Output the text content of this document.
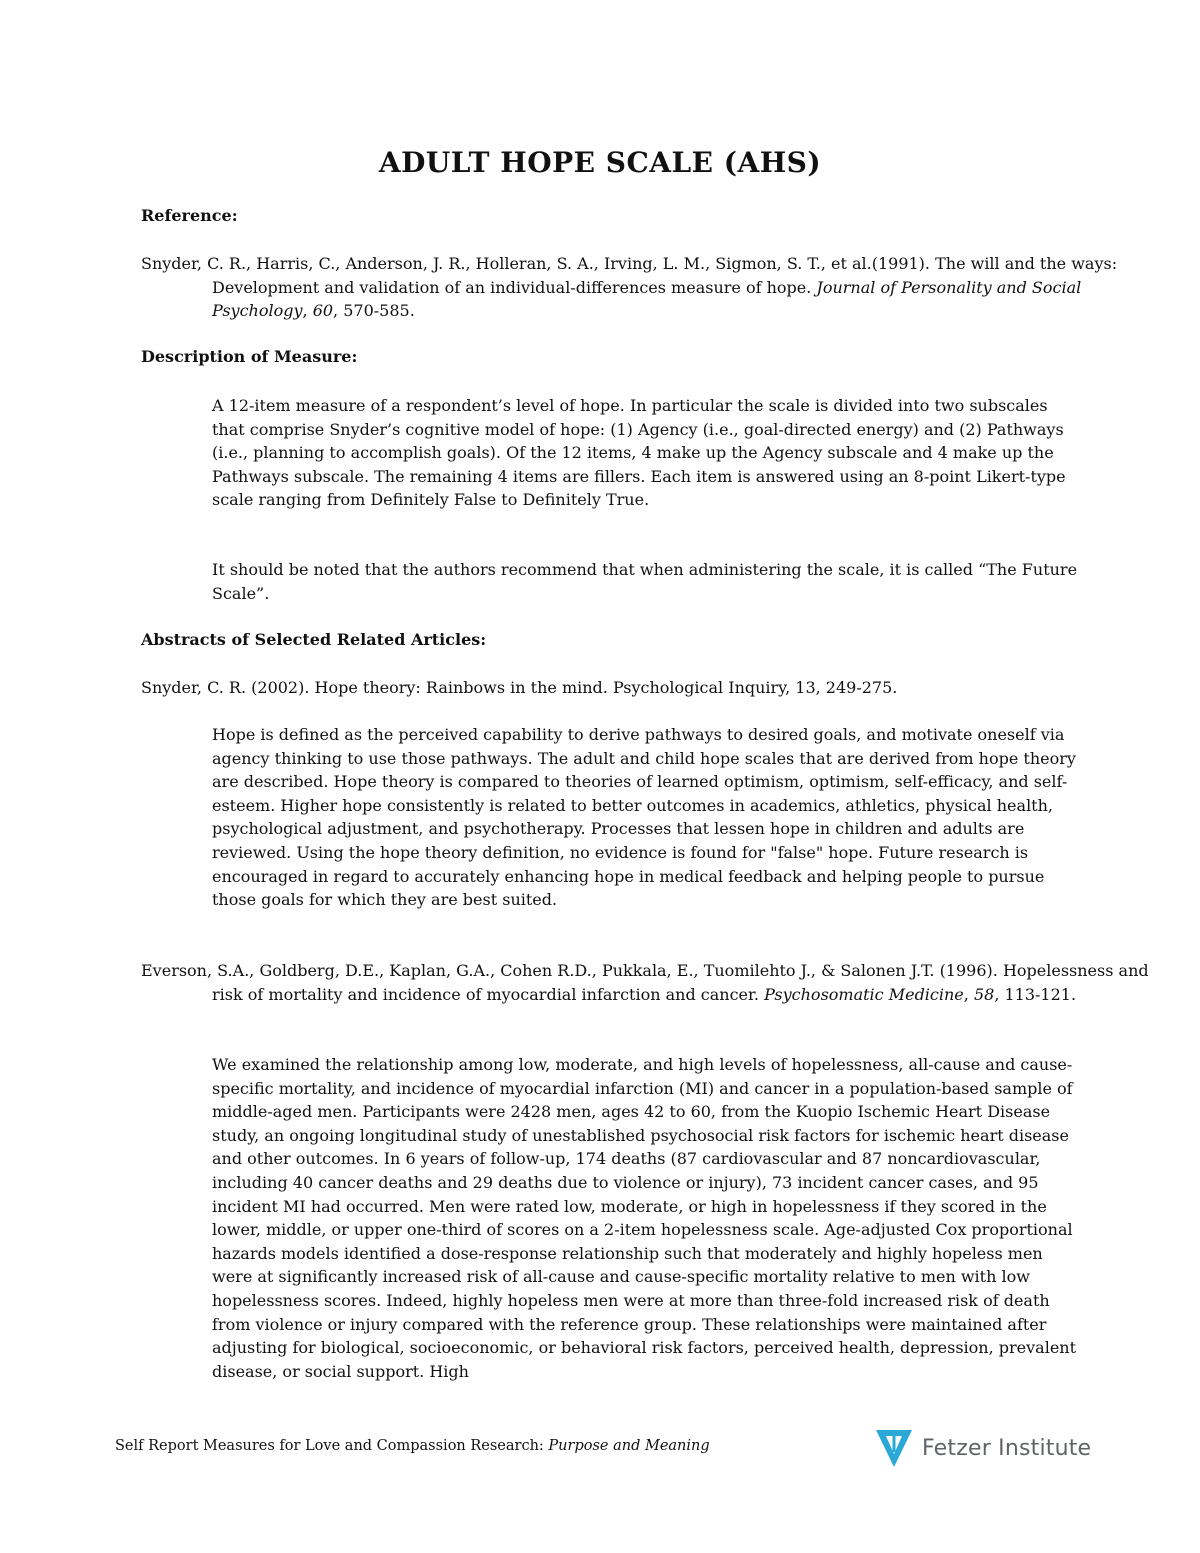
ADULT HOPE SCALE (AHS)
Reference:
Snyder, C. R., Harris, C., Anderson, J. R., Holleran, S. A., Irving, L. M., Sigmon, S. T., et al.(1991). The will and the ways: Development and validation of an individual-differences measure of hope. Journal of Personality and Social Psychology, 60, 570-585.
Description of Measure:
A 12-item measure of a respondent’s level of hope. In particular the scale is divided into two subscales that comprise Snyder’s cognitive model of hope: (1) Agency (i.e., goal-directed energy) and (2) Pathways (i.e., planning to accomplish goals). Of the 12 items, 4 make up the Agency subscale and 4 make up the Pathways subscale. The remaining 4 items are fillers. Each item is answered using an 8-point Likert-type scale ranging from Definitely False to Definitely True.
It should be noted that the authors recommend that when administering the scale, it is called “The Future Scale”.
Abstracts of Selected Related Articles:
Snyder, C. R. (2002). Hope theory: Rainbows in the mind. Psychological Inquiry, 13, 249-275.
Hope is defined as the perceived capability to derive pathways to desired goals, and motivate oneself via agency thinking to use those pathways. The adult and child hope scales that are derived from hope theory are described. Hope theory is compared to theories of learned optimism, optimism, self-efficacy, and self-esteem. Higher hope consistently is related to better outcomes in academics, athletics, physical health, psychological adjustment, and psychotherapy. Processes that lessen hope in children and adults are reviewed. Using the hope theory definition, no evidence is found for "false" hope. Future research is encouraged in regard to accurately enhancing hope in medical feedback and helping people to pursue those goals for which they are best suited.
Everson, S.A., Goldberg, D.E., Kaplan, G.A., Cohen R.D., Pukkala, E., Tuomilehto J., & Salonen J.T. (1996). Hopelessness and risk of mortality and incidence of myocardial infarction and cancer. Psychosomatic Medicine, 58, 113-121.
We examined the relationship among low, moderate, and high levels of hopelessness, all-cause and cause-specific mortality, and incidence of myocardial infarction (MI) and cancer in a population-based sample of middle-aged men. Participants were 2428 men, ages 42 to 60, from the Kuopio Ischemic Heart Disease study, an ongoing longitudinal study of unestablished psychosocial risk factors for ischemic heart disease and other outcomes. In 6 years of follow-up, 174 deaths (87 cardiovascular and 87 noncardiovascular, including 40 cancer deaths and 29 deaths due to violence or injury), 73 incident cancer cases, and 95 incident MI had occurred. Men were rated low, moderate, or high in hopelessness if they scored in the lower, middle, or upper one-third of scores on a 2-item hopelessness scale. Age-adjusted Cox proportional hazards models identified a dose-response relationship such that moderately and highly hopeless men were at significantly increased risk of all-cause and cause-specific mortality relative to men with low hopelessness scores. Indeed, highly hopeless men were at more than three-fold increased risk of death from violence or injury compared with the reference group. These relationships were maintained after adjusting for biological, socioeconomic, or behavioral risk factors, perceived health, depression, prevalent disease, or social support. High
Self Report Measures for Love and Compassion Research: Purpose and Meaning	Fetzer Institute
